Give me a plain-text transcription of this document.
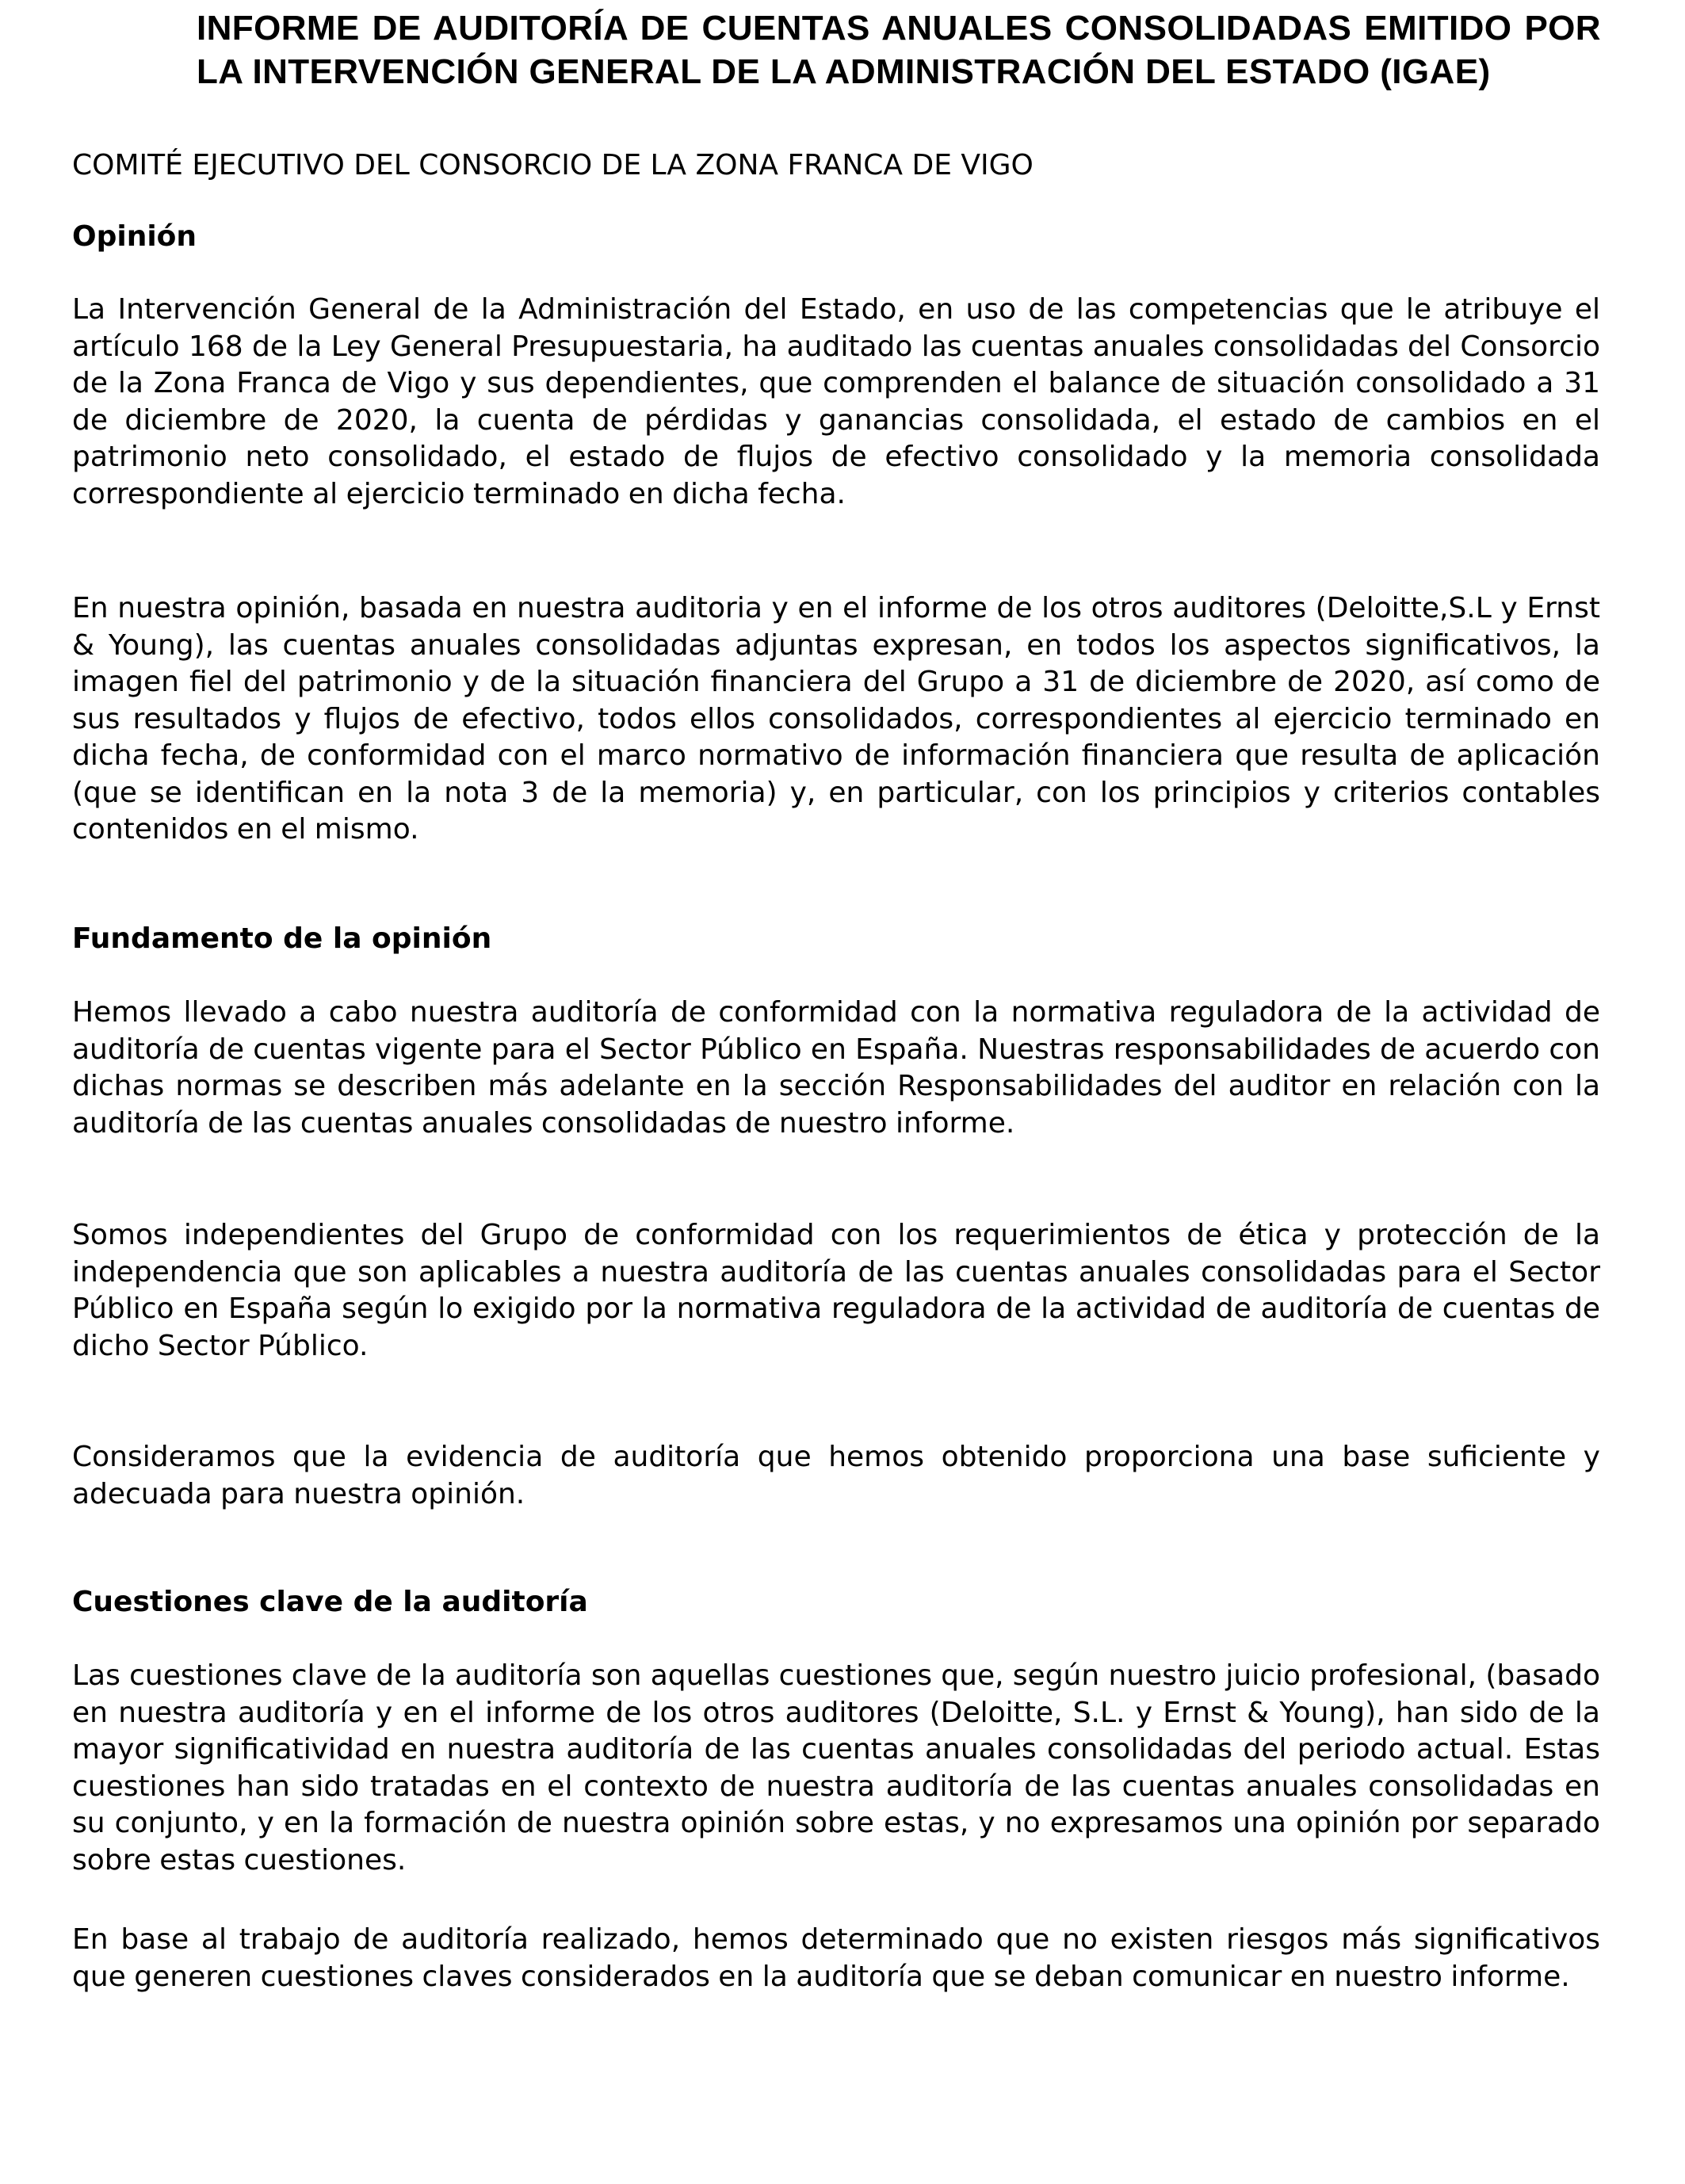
INFORME DE AUDITORÍA DE CUENTAS ANUALES CONSOLIDADAS EMITIDO POR LA INTERVENCIÓN GENERAL DE LA ADMINISTRACIÓN DEL ESTADO (IGAE)

COMITÉ EJECUTIVO DEL CONSORCIO DE LA ZONA FRANCA DE VIGO

Opinión

La Intervención General de la Administración del Estado, en uso de las competencias que le atribuye el artículo 168 de la Ley General Presupuestaria, ha auditado las cuentas anuales consolidadas del Consorcio de la Zona Franca de Vigo y sus dependientes, que comprenden el balance de situación consolidado a 31 de diciembre de 2020, la cuenta de pérdidas y ganancias consolidada, el estado de cambios en el patrimonio neto consolidado, el estado de flujos de efectivo consolidado y la memoria consolidada correspondiente al ejercicio terminado en dicha fecha.

En nuestra opinión, basada en nuestra auditoria y en el informe de los otros auditores (Deloitte,S.L y Ernst & Young), las cuentas anuales consolidadas adjuntas expresan, en todos los aspectos significativos, la imagen fiel del patrimonio y de la situación financiera del Grupo a 31 de diciembre de 2020, así como de sus resultados y flujos de efectivo, todos ellos consolidados, correspondientes al ejercicio terminado en dicha fecha, de conformidad con el marco normativo de información financiera que resulta de aplicación (que se identifican en la nota 3 de la memoria) y, en particular, con los principios y criterios contables contenidos en el mismo.

Fundamento de la opinión

Hemos llevado a cabo nuestra auditoría de conformidad con la normativa reguladora de la actividad de auditoría de cuentas vigente para el Sector Público en España. Nuestras responsabilidades de acuerdo con dichas normas se describen más adelante en la sección Responsabilidades del auditor en relación con la auditoría de las cuentas anuales consolidadas de nuestro informe.

Somos independientes del Grupo de conformidad con los requerimientos de ética y protección de la independencia que son aplicables a nuestra auditoría de las cuentas anuales consolidadas para el Sector Público en España según lo exigido por la normativa reguladora de la actividad de auditoría de cuentas de dicho Sector Público.

Consideramos que la evidencia de auditoría que hemos obtenido proporciona una base suficiente y adecuada para nuestra opinión.

Cuestiones clave de la auditoría

Las cuestiones clave de la auditoría son aquellas cuestiones que, según nuestro juicio profesional, (basado en nuestra auditoría y en el informe de los otros auditores (Deloitte, S.L. y Ernst & Young), han sido de la mayor significatividad en nuestra auditoría de las cuentas anuales consolidadas del periodo actual. Estas cuestiones han sido tratadas en el contexto de nuestra auditoría de las cuentas anuales consolidadas en su conjunto, y en la formación de nuestra opinión sobre estas, y no expresamos una opinión por separado sobre estas cuestiones.

En base al trabajo de auditoría realizado, hemos determinado que no existen riesgos más significativos que generen cuestiones claves considerados en la auditoría que se deban comunicar en nuestro informe.
